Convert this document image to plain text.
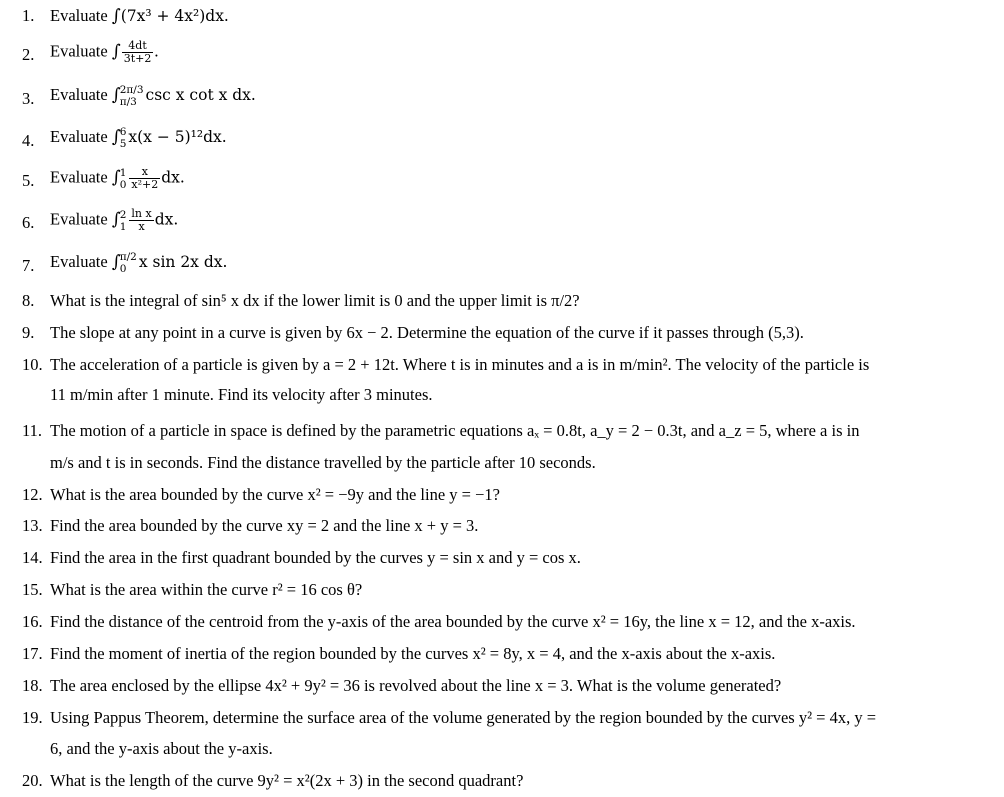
1. Evaluate ∫(7x³ + 4x²)dx.
2. Evaluate ∫ $\frac{4dt}{3t+2}$ .
3. Evaluate ∫ 2π/3
π/3 csc x cot x dx.
4. Evaluate ∫ 6
5 x(x − 5)¹²dx.
5. Evaluate ∫ 1
$0 \frac{x}{\text{x²+2}}$ dx.
6. Evaluate ∫ 2
$1 \frac{\text{ln x}}{x}$ dx.
7. Evaluate ∫ π/2
0 x sin 2x dx.
8. What is the integral of sin⁵ x dx if the lower limit is 0 and the upper limit is π/2?
9. The slope at any point in a curve is given by 6x − 2. Determine the equation of the curve if it passes through (5,3).
10. The acceleration of a particle is given by a = 2 + 12t. Where t is in minutes and a is in m/min². The velocity of the particle is
11 m/min after 1 minute. Find its velocity after 3 minutes.
11. The motion of a particle in space is defined by the parametric equations aₓ = 0.8t, a_y = 2 − 0.3t, and a_z = 5, where a is in
m/s and t is in seconds. Find the distance travelled by the particle after 10 seconds.
12. What is the area bounded by the curve x² = −9y and the line y = −1?
13. Find the area bounded by the curve xy = 2 and the line x + y = 3.
14. Find the area in the first quadrant bounded by the curves y = sin x and y = cos x.
15. What is the area within the curve r² = 16 cos θ?
16. Find the distance of the centroid from the y-axis of the area bounded by the curve x² = 16y, the line x = 12, and the x-axis.
17. Find the moment of inertia of the region bounded by the curves x² = 8y, x = 4, and the x-axis about the x-axis.
18. The area enclosed by the ellipse 4x² + 9y² = 36 is revolved about the line x = 3. What is the volume generated?
19. Using Pappus Theorem, determine the surface area of the volume generated by the region bounded by the curves y² = 4x, y =
6, and the y-axis about the y-axis.
20. What is the length of the curve 9y² = x²(2x + 3) in the second quadrant?
